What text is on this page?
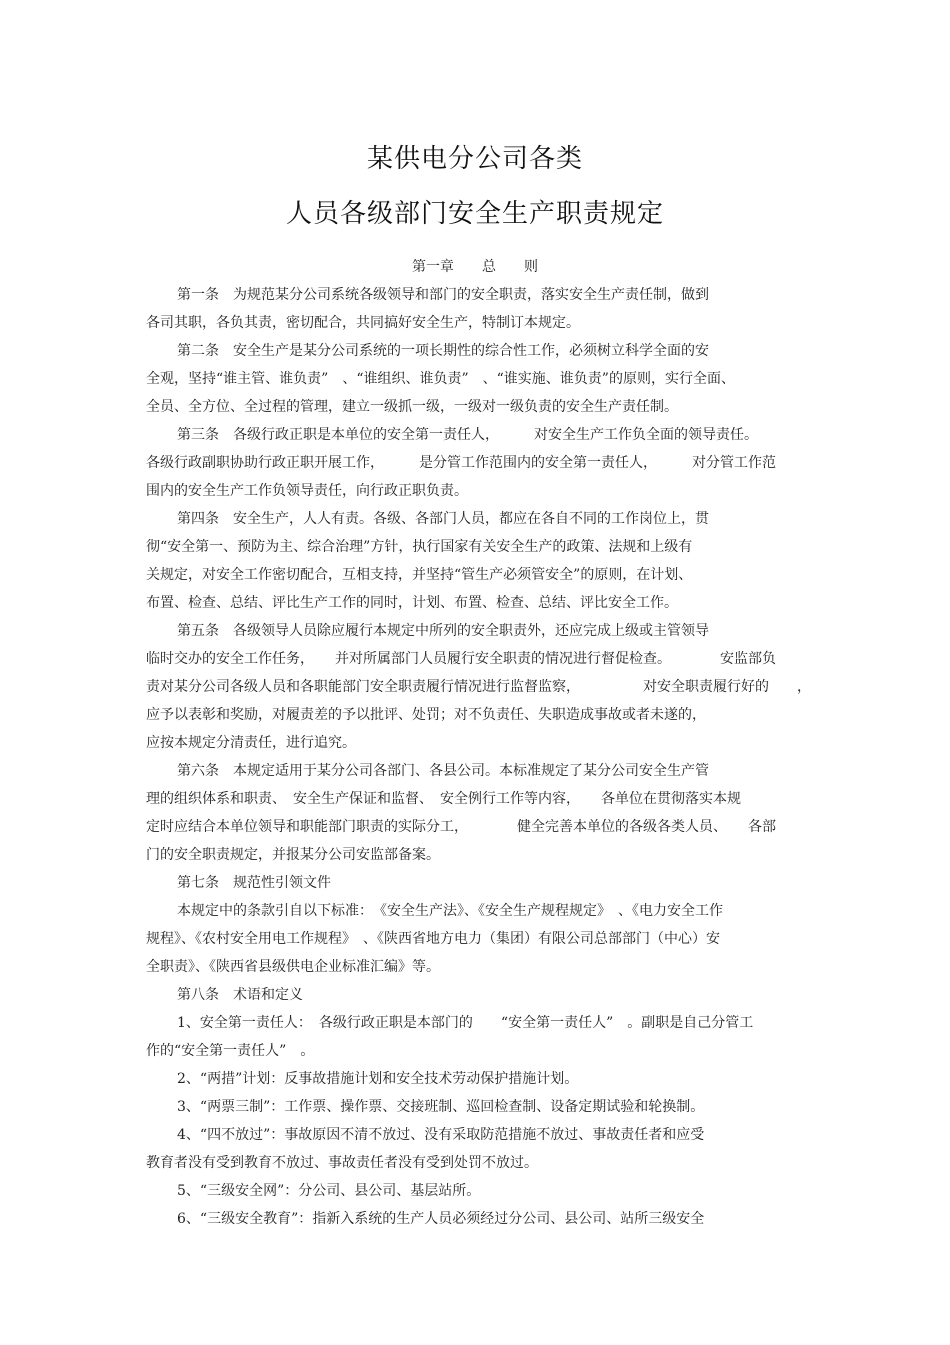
某供电分公司各类
人员各级部门安全生产职责规定
第一章　　总　　则
第一条　为规范某分公司系统各级领导和部门的安全职责，落实安全生产责任制，做到
各司其职，各负其责，密切配合，共同搞好安全生产，特制订本规定。
第二条　安全生产是某分公司系统的一项长期性的综合性工作，必须树立科学全面的安
全观，坚持“谁主管、谁负责”　、“谁组织、谁负责”　、“谁实施、谁负责”的原则，实行全面、
全员、全方位、全过程的管理，建立一级抓一级，一级对一级负责的安全生产责任制。
第三条　各级行政正职是本单位的安全第一责任人，　　　对安全生产工作负全面的领导责任。
各级行政副职协助行政正职开展工作，　　　是分管工作范围内的安全第一责任人，　　　对分管工作范
围内的安全生产工作负领导责任，向行政正职负责。
第四条　安全生产，人人有责。各级、各部门人员，都应在各自不同的工作岗位上，贯
彻“安全第一、预防为主、综合治理”方针，执行国家有关安全生产的政策、法规和上级有
关规定，对安全工作密切配合，互相支持，并坚持“管生产必须管安全”的原则，在计划、
布置、检查、总结、评比生产工作的同时，计划、布置、检查、总结、评比安全工作。
第五条　各级领导人员除应履行本规定中所列的安全职责外，还应完成上级或主管领导
临时交办的安全工作任务，　　并对所属部门人员履行安全职责的情况进行督促检查。　　　　安监部负
责对某分公司各级人员和各职能部门安全职责履行情况进行监督监察，　　　　　对安全职责履行好的　　，
应予以表彰和奖励，对履责差的予以批评、处罚；对不负责任、失职造成事故或者未遂的，
应按本规定分清责任，进行追究。
第六条　本规定适用于某分公司各部门、各县公司。本标准规定了某分公司安全生产管
理的组织体系和职责、　安全生产保证和监督、　安全例行工作等内容，　　各单位在贯彻落实本规
定时应结合本单位领导和职能部门职责的实际分工，　　　　健全完善本单位的各级各类人员、　　各部
门的安全职责规定，并报某分公司安监部备案。
第七条　规范性引领文件
本规定中的条款引自以下标准：　《安全生产法》、《安全生产规程规定》　、《电力安全工作
规程》、《农村安全用电工作规程》　、《陕西省地方电力（集团）有限公司总部部门（中心）安
全职责》、《陕西省县级供电企业标准汇编》等。
第八条　术语和定义
1、安全第一责任人：　各级行政正职是本部门的　　“安全第一责任人”　。副职是自己分管工
作的“安全第一责任人”　。
2、“两措”计划：反事故措施计划和安全技术劳动保护措施计划。
3、“两票三制”：工作票、操作票、交接班制、巡回检查制、设备定期试验和轮换制。
4、“四不放过”：事故原因不清不放过、没有采取防范措施不放过、事故责任者和应受
教育者没有受到教育不放过、事故责任者没有受到处罚不放过。
5、“三级安全网”：分公司、县公司、基层站所。
6、“三级安全教育”：指新入系统的生产人员必须经过分公司、县公司、站所三级安全
